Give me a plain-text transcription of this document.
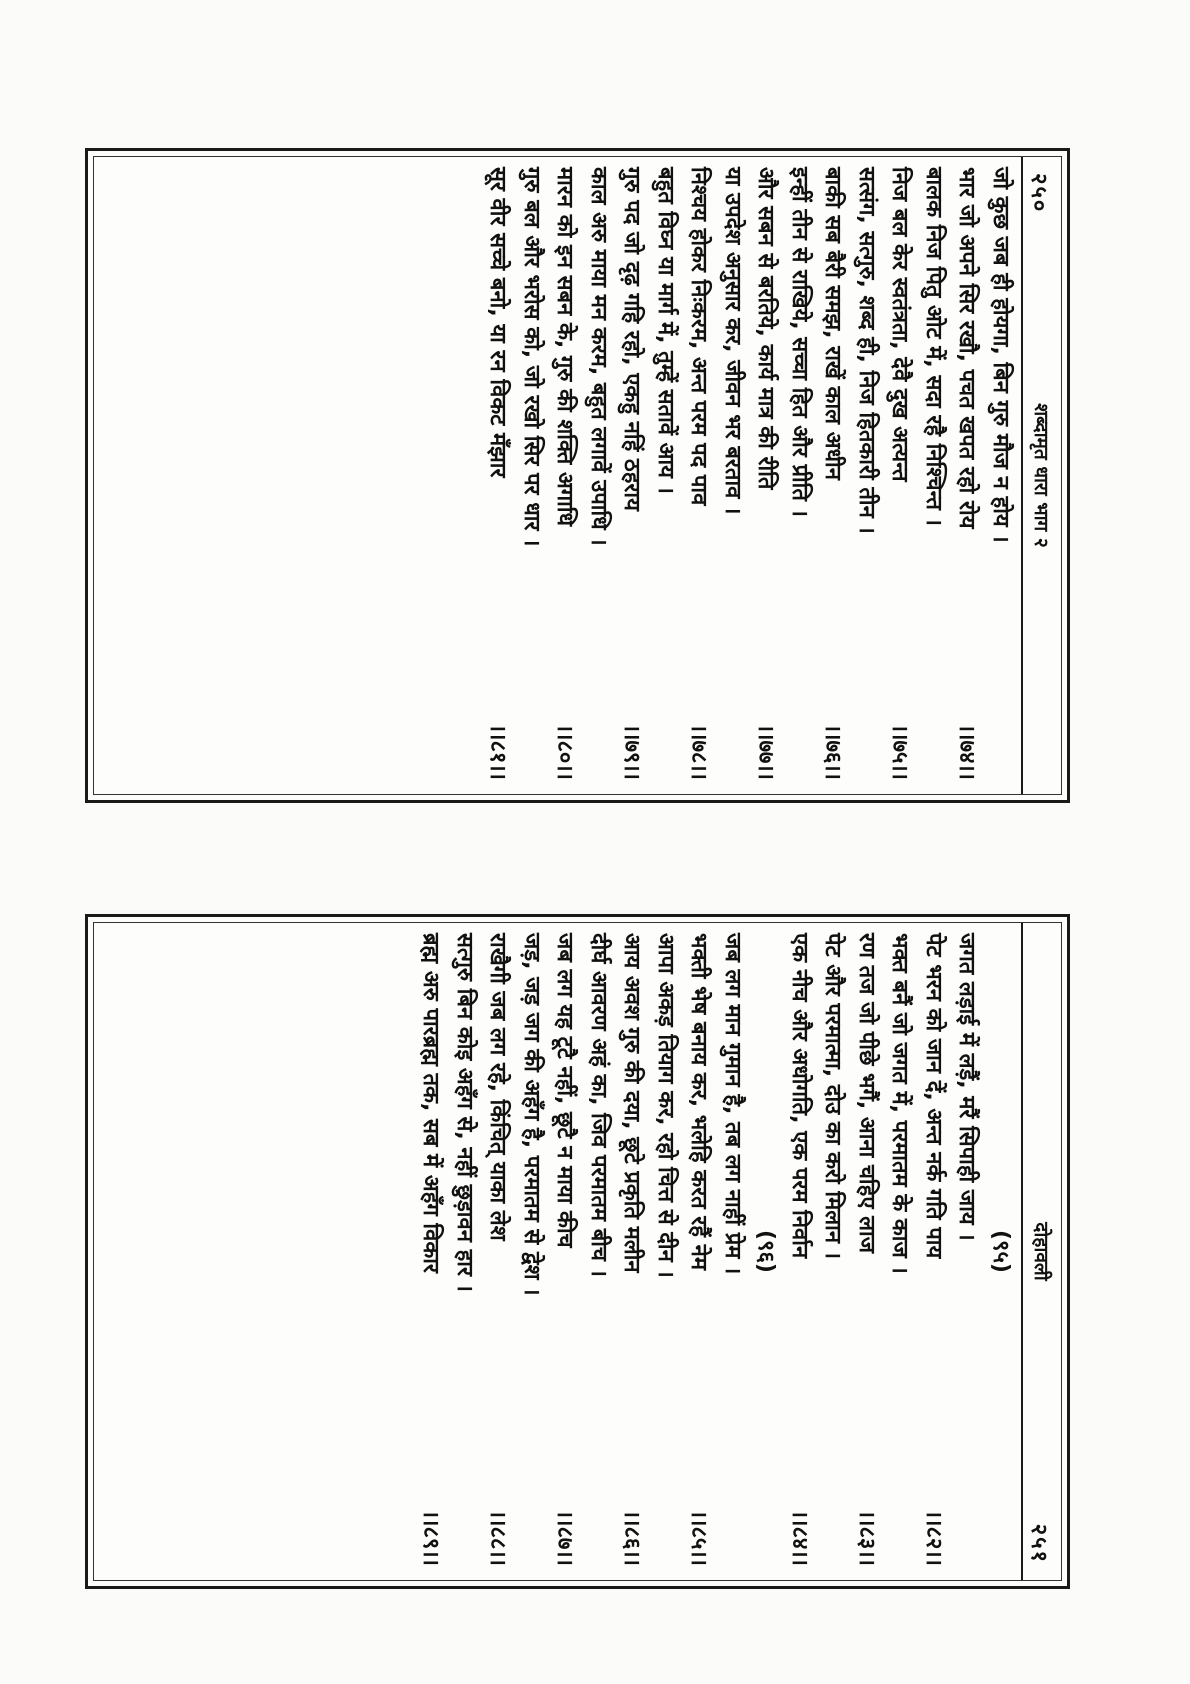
२५०
शब्दामृत धारा भाग २
जो कुछ जब ही होयगा, बिन गुरु मौज न होय ।
भार जो अपने सिर रखौ, पचत खपत रहो रोय
।।७४।।
बालक निज पितु ओट में, सदा रहै निश्चिन्त ।
निज बल केर स्वतंत्रता, देवै दुख अत्यन्त
।।७५।।
सत्संग, सत्गुरु, शब्द ही, निज हितकारी तीन ।
बाकी सब बैरी समझ, राखें काल अधीन
।।७६।।
इन्हीं तीन से राखिये, सच्चा हित और प्रीति ।
और सबन से बरतिये, कार्य मात्र की रीति
।।७७।।
या उपदेश अनुसार कर, जीवन भर बरताव ।
निश्चय होकर निःकरम, अन्त परम पद पाव
।।७८।।
बहुत विघ्न या मार्ग में, तुम्हें सतावें आय ।
गुरु पद जो दृढ़ गहि रहो, एकहु नहिं ठहराय
।।७९।।
काल अरु माया मन करम, बहुत लगावें उपाधि ।
मारन को इन सबन के, गुरु की शक्ति अगाधि
।।८०।।
गुरु बल और भरोस को, जो रखो सिर पर धार ।
सूर वीर सच्चे बनो, या रन विकट मँझार
।।८१।।
दोहावली
२५१
(९५)
जगत लड़ाई में लड़ैं, मरैं सिपाही जाय ।
पेट भरन को जान दें, अन्त नर्क गति पाय
।।८२।।
भक्त बनैं जो जगत में, परमातम के काज ।
रण तज जो पीछे भगैं, आना चहिए लाज
।।८३।।
पेट और परमात्मा, दोउ का करो मिलान ।
एक नीच और अधोगति, एक परम निर्वान
।।८४।।
(९६)
जब लग मान गुमान है, तब लग नाहीं प्रेम ।
भक्ती भेष बनाय कर, भलेहि करत रहैं नेम
।।८५।।
आपा अकड़ तियाग कर, रहो चित्त से दीन ।
आय अवश गुरु की दया, छूटे प्रकृति मलीन
।।८६।।
दीर्घ आवरण अहं का, जिव परमातम बीच ।
जब लग यह टूटै नहीं, छूटै न माया कीच
।।८७।।
जड़, जड़ जग की अहँग है, परमातम से द्वेश ।
राखैगी जब लग रहे, किंचित् याका लेश
।।८८।।
सत्गुरु बिन कोइ अहँग से, नहीं छुड़ावन हार ।
ब्रह्म अरु पारब्रह्म तक, सब में अहँग विकार
।।८९।।
